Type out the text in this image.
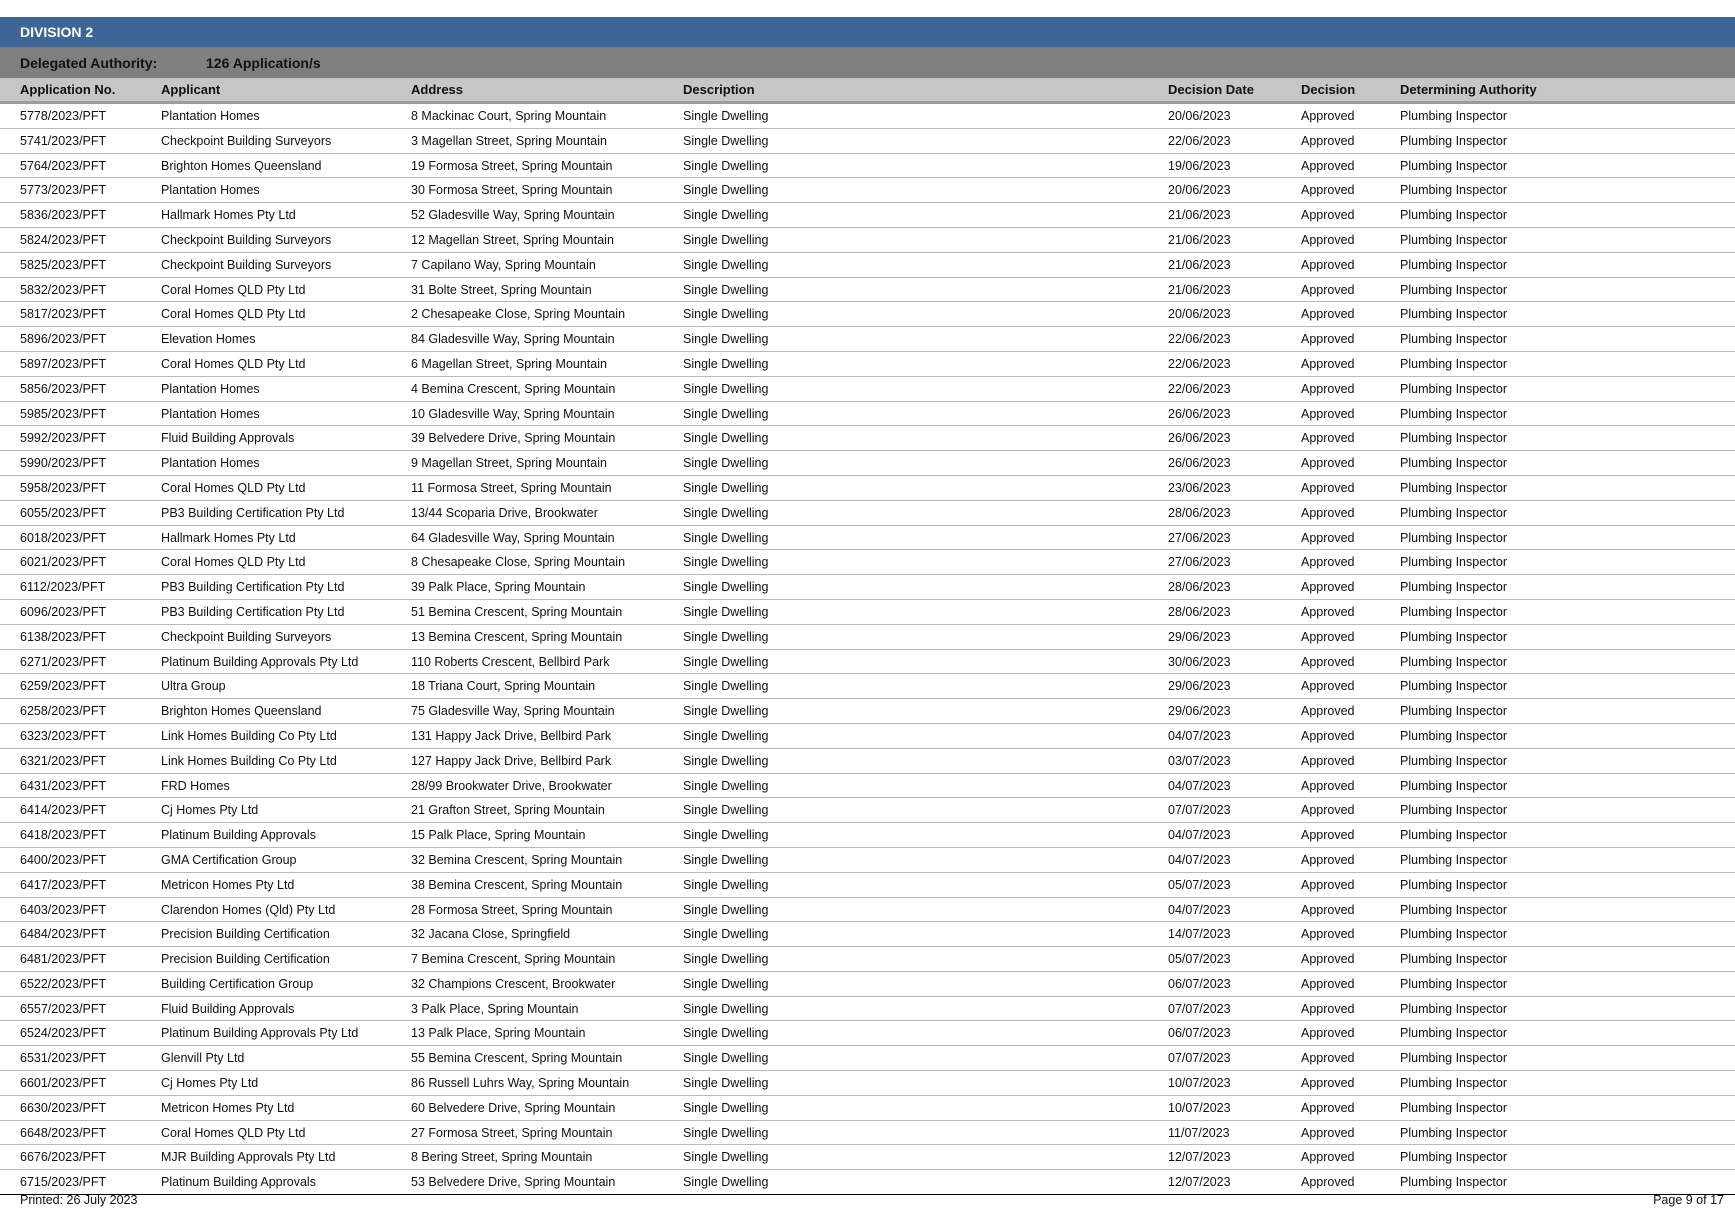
DIVISION 2
Delegated Authority:	126 Application/s
Application No.	Applicant	Address	Description	Decision Date	Decision	Determining Authority
5778/2023/PFT	Plantation Homes	8 Mackinac Court, Spring Mountain	Single Dwelling	20/06/2023	Approved	Plumbing Inspector
5741/2023/PFT	Checkpoint Building Surveyors	3 Magellan Street, Spring Mountain	Single Dwelling	22/06/2023	Approved	Plumbing Inspector
5764/2023/PFT	Brighton Homes Queensland	19 Formosa Street, Spring Mountain	Single Dwelling	19/06/2023	Approved	Plumbing Inspector
5773/2023/PFT	Plantation Homes	30 Formosa Street, Spring Mountain	Single Dwelling	20/06/2023	Approved	Plumbing Inspector
5836/2023/PFT	Hallmark Homes Pty Ltd	52 Gladesville Way, Spring Mountain	Single Dwelling	21/06/2023	Approved	Plumbing Inspector
5824/2023/PFT	Checkpoint Building Surveyors	12 Magellan Street, Spring Mountain	Single Dwelling	21/06/2023	Approved	Plumbing Inspector
5825/2023/PFT	Checkpoint Building Surveyors	7 Capilano Way, Spring Mountain	Single Dwelling	21/06/2023	Approved	Plumbing Inspector
5832/2023/PFT	Coral Homes QLD Pty Ltd	31 Bolte Street, Spring Mountain	Single Dwelling	21/06/2023	Approved	Plumbing Inspector
5817/2023/PFT	Coral Homes QLD Pty Ltd	2 Chesapeake Close, Spring Mountain	Single Dwelling	20/06/2023	Approved	Plumbing Inspector
5896/2023/PFT	Elevation Homes	84 Gladesville Way, Spring Mountain	Single Dwelling	22/06/2023	Approved	Plumbing Inspector
5897/2023/PFT	Coral Homes QLD Pty Ltd	6 Magellan Street, Spring Mountain	Single Dwelling	22/06/2023	Approved	Plumbing Inspector
5856/2023/PFT	Plantation Homes	4 Bemina Crescent, Spring Mountain	Single Dwelling	22/06/2023	Approved	Plumbing Inspector
5985/2023/PFT	Plantation Homes	10 Gladesville Way, Spring Mountain	Single Dwelling	26/06/2023	Approved	Plumbing Inspector
5992/2023/PFT	Fluid Building Approvals	39 Belvedere Drive, Spring Mountain	Single Dwelling	26/06/2023	Approved	Plumbing Inspector
5990/2023/PFT	Plantation Homes	9 Magellan Street, Spring Mountain	Single Dwelling	26/06/2023	Approved	Plumbing Inspector
5958/2023/PFT	Coral Homes QLD Pty Ltd	11 Formosa Street, Spring Mountain	Single Dwelling	23/06/2023	Approved	Plumbing Inspector
6055/2023/PFT	PB3 Building Certification Pty Ltd	13/44 Scoparia Drive, Brookwater	Single Dwelling	28/06/2023	Approved	Plumbing Inspector
6018/2023/PFT	Hallmark Homes Pty Ltd	64 Gladesville Way, Spring Mountain	Single Dwelling	27/06/2023	Approved	Plumbing Inspector
6021/2023/PFT	Coral Homes QLD Pty Ltd	8 Chesapeake Close, Spring Mountain	Single Dwelling	27/06/2023	Approved	Plumbing Inspector
6112/2023/PFT	PB3 Building Certification Pty Ltd	39 Palk Place, Spring Mountain	Single Dwelling	28/06/2023	Approved	Plumbing Inspector
6096/2023/PFT	PB3 Building Certification Pty Ltd	51 Bemina Crescent, Spring Mountain	Single Dwelling	28/06/2023	Approved	Plumbing Inspector
6138/2023/PFT	Checkpoint Building Surveyors	13 Bemina Crescent, Spring Mountain	Single Dwelling	29/06/2023	Approved	Plumbing Inspector
6271/2023/PFT	Platinum Building Approvals Pty Ltd	110 Roberts Crescent, Bellbird Park	Single Dwelling	30/06/2023	Approved	Plumbing Inspector
6259/2023/PFT	Ultra Group	18 Triana Court, Spring Mountain	Single Dwelling	29/06/2023	Approved	Plumbing Inspector
6258/2023/PFT	Brighton Homes Queensland	75 Gladesville Way, Spring Mountain	Single Dwelling	29/06/2023	Approved	Plumbing Inspector
6323/2023/PFT	Link Homes Building Co Pty Ltd	131 Happy Jack Drive, Bellbird Park	Single Dwelling	04/07/2023	Approved	Plumbing Inspector
6321/2023/PFT	Link Homes Building Co Pty Ltd	127 Happy Jack Drive, Bellbird Park	Single Dwelling	03/07/2023	Approved	Plumbing Inspector
6431/2023/PFT	FRD Homes	28/99 Brookwater Drive, Brookwater	Single Dwelling	04/07/2023	Approved	Plumbing Inspector
6414/2023/PFT	Cj Homes Pty Ltd	21 Grafton Street, Spring Mountain	Single Dwelling	07/07/2023	Approved	Plumbing Inspector
6418/2023/PFT	Platinum Building Approvals	15 Palk Place, Spring Mountain	Single Dwelling	04/07/2023	Approved	Plumbing Inspector
6400/2023/PFT	GMA Certification Group	32 Bemina Crescent, Spring Mountain	Single Dwelling	04/07/2023	Approved	Plumbing Inspector
6417/2023/PFT	Metricon Homes Pty Ltd	38 Bemina Crescent, Spring Mountain	Single Dwelling	05/07/2023	Approved	Plumbing Inspector
6403/2023/PFT	Clarendon Homes (Qld) Pty Ltd	28 Formosa Street, Spring Mountain	Single Dwelling	04/07/2023	Approved	Plumbing Inspector
6484/2023/PFT	Precision Building Certification	32 Jacana Close, Springfield	Single Dwelling	14/07/2023	Approved	Plumbing Inspector
6481/2023/PFT	Precision Building Certification	7 Bemina Crescent, Spring Mountain	Single Dwelling	05/07/2023	Approved	Plumbing Inspector
6522/2023/PFT	Building Certification Group	32 Champions Crescent, Brookwater	Single Dwelling	06/07/2023	Approved	Plumbing Inspector
6557/2023/PFT	Fluid Building Approvals	3 Palk Place, Spring Mountain	Single Dwelling	07/07/2023	Approved	Plumbing Inspector
6524/2023/PFT	Platinum Building Approvals Pty Ltd	13 Palk Place, Spring Mountain	Single Dwelling	06/07/2023	Approved	Plumbing Inspector
6531/2023/PFT	Glenvill Pty Ltd	55 Bemina Crescent, Spring Mountain	Single Dwelling	07/07/2023	Approved	Plumbing Inspector
6601/2023/PFT	Cj Homes Pty Ltd	86 Russell Luhrs Way, Spring Mountain	Single Dwelling	10/07/2023	Approved	Plumbing Inspector
6630/2023/PFT	Metricon Homes Pty Ltd	60 Belvedere Drive, Spring Mountain	Single Dwelling	10/07/2023	Approved	Plumbing Inspector
6648/2023/PFT	Coral Homes QLD Pty Ltd	27 Formosa Street, Spring Mountain	Single Dwelling	11/07/2023	Approved	Plumbing Inspector
6676/2023/PFT	MJR Building Approvals Pty Ltd	8 Bering Street, Spring Mountain	Single Dwelling	12/07/2023	Approved	Plumbing Inspector
6715/2023/PFT	Platinum Building Approvals	53 Belvedere Drive, Spring Mountain	Single Dwelling	12/07/2023	Approved	Plumbing Inspector
Printed: 26 July 2023	Page 9 of 17
